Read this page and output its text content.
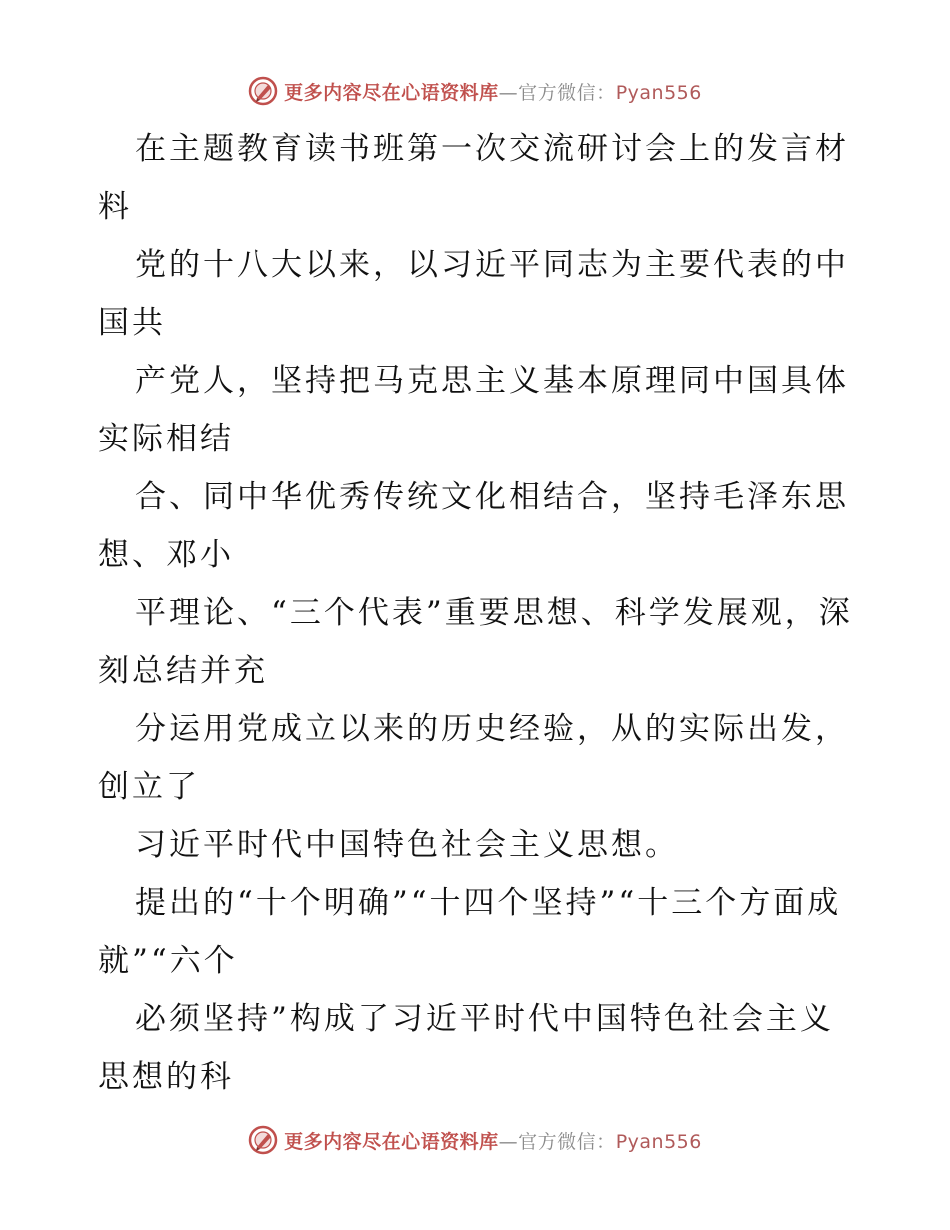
更多内容尽在心语资料库—官方微信：Pyan556

在主题教育读书班第一次交流研讨会上的发言材料

党的十八大以来，以习近平同志为主要代表的中国共

产党人，坚持把马克思主义基本原理同中国具体实际相结

合、同中华优秀传统文化相结合，坚持毛泽东思想、邓小

平理论、“三个代表”重要思想、科学发展观，深刻总结并充

分运用党成立以来的历史经验，从的实际出发，创立了

习近平时代中国特色社会主义思想。

提出的“十个明确”“十四个坚持”“十三个方面成就”“六个

必须坚持”构成了习近平时代中国特色社会主义思想的科

更多内容尽在心语资料库—官方微信：Pyan556
